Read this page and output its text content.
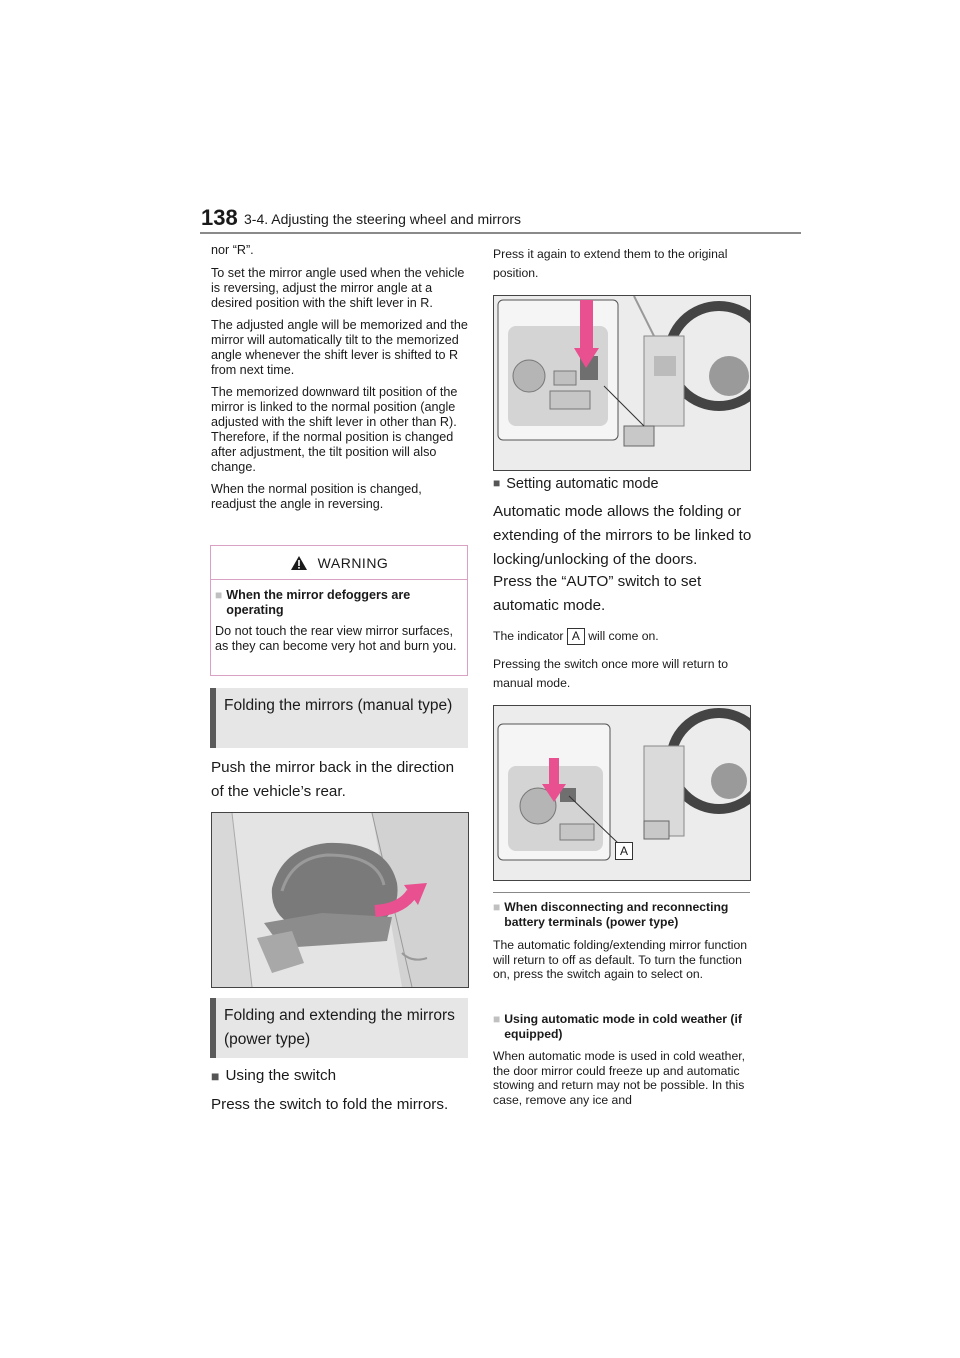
138 3-4. Adjusting the steering wheel and mirrors

nor “R”.

To set the mirror angle used when the vehicle is reversing, adjust the mirror angle at a desired position with the shift lever in R.

The adjusted angle will be memorized and the mirror will automatically tilt to the memorized angle whenever the shift lever is shifted to R from next time.

The memorized downward tilt position of the mirror is linked to the normal position (angle adjusted with the shift lever in other than R). Therefore, if the normal position is changed after adjustment, the tilt position will also change.

When the normal position is changed, readjust the angle in reversing.

WARNING
■ When the mirror defoggers are operating

Do not touch the rear view mirror surfaces, as they can become very hot and burn you.

Folding the mirrors (manual type)
Push the mirror back in the direction of the vehicle’s rear.
Folding and extending the mirrors (power type)
■ Using the switch
Press the switch to fold the mirrors.
Press it again to extend them to the original position.
■ Setting automatic mode
Automatic mode allows the folding or extending of the mirrors to be linked to locking/unlocking of the doors.
Press the “AUTO” switch to set automatic mode.
The indicator A will come on.
Pressing the switch once more will return to manual mode.
A
■ When disconnecting and reconnecting battery terminals (power type)
The automatic folding/extending mirror function will return to off as default. To turn the function on, press the switch again to select on.
■ Using automatic mode in cold weather (if equipped)
When automatic mode is used in cold weather, the door mirror could freeze up and automatic stowing and return may not be possible. In this case, remove any ice and
